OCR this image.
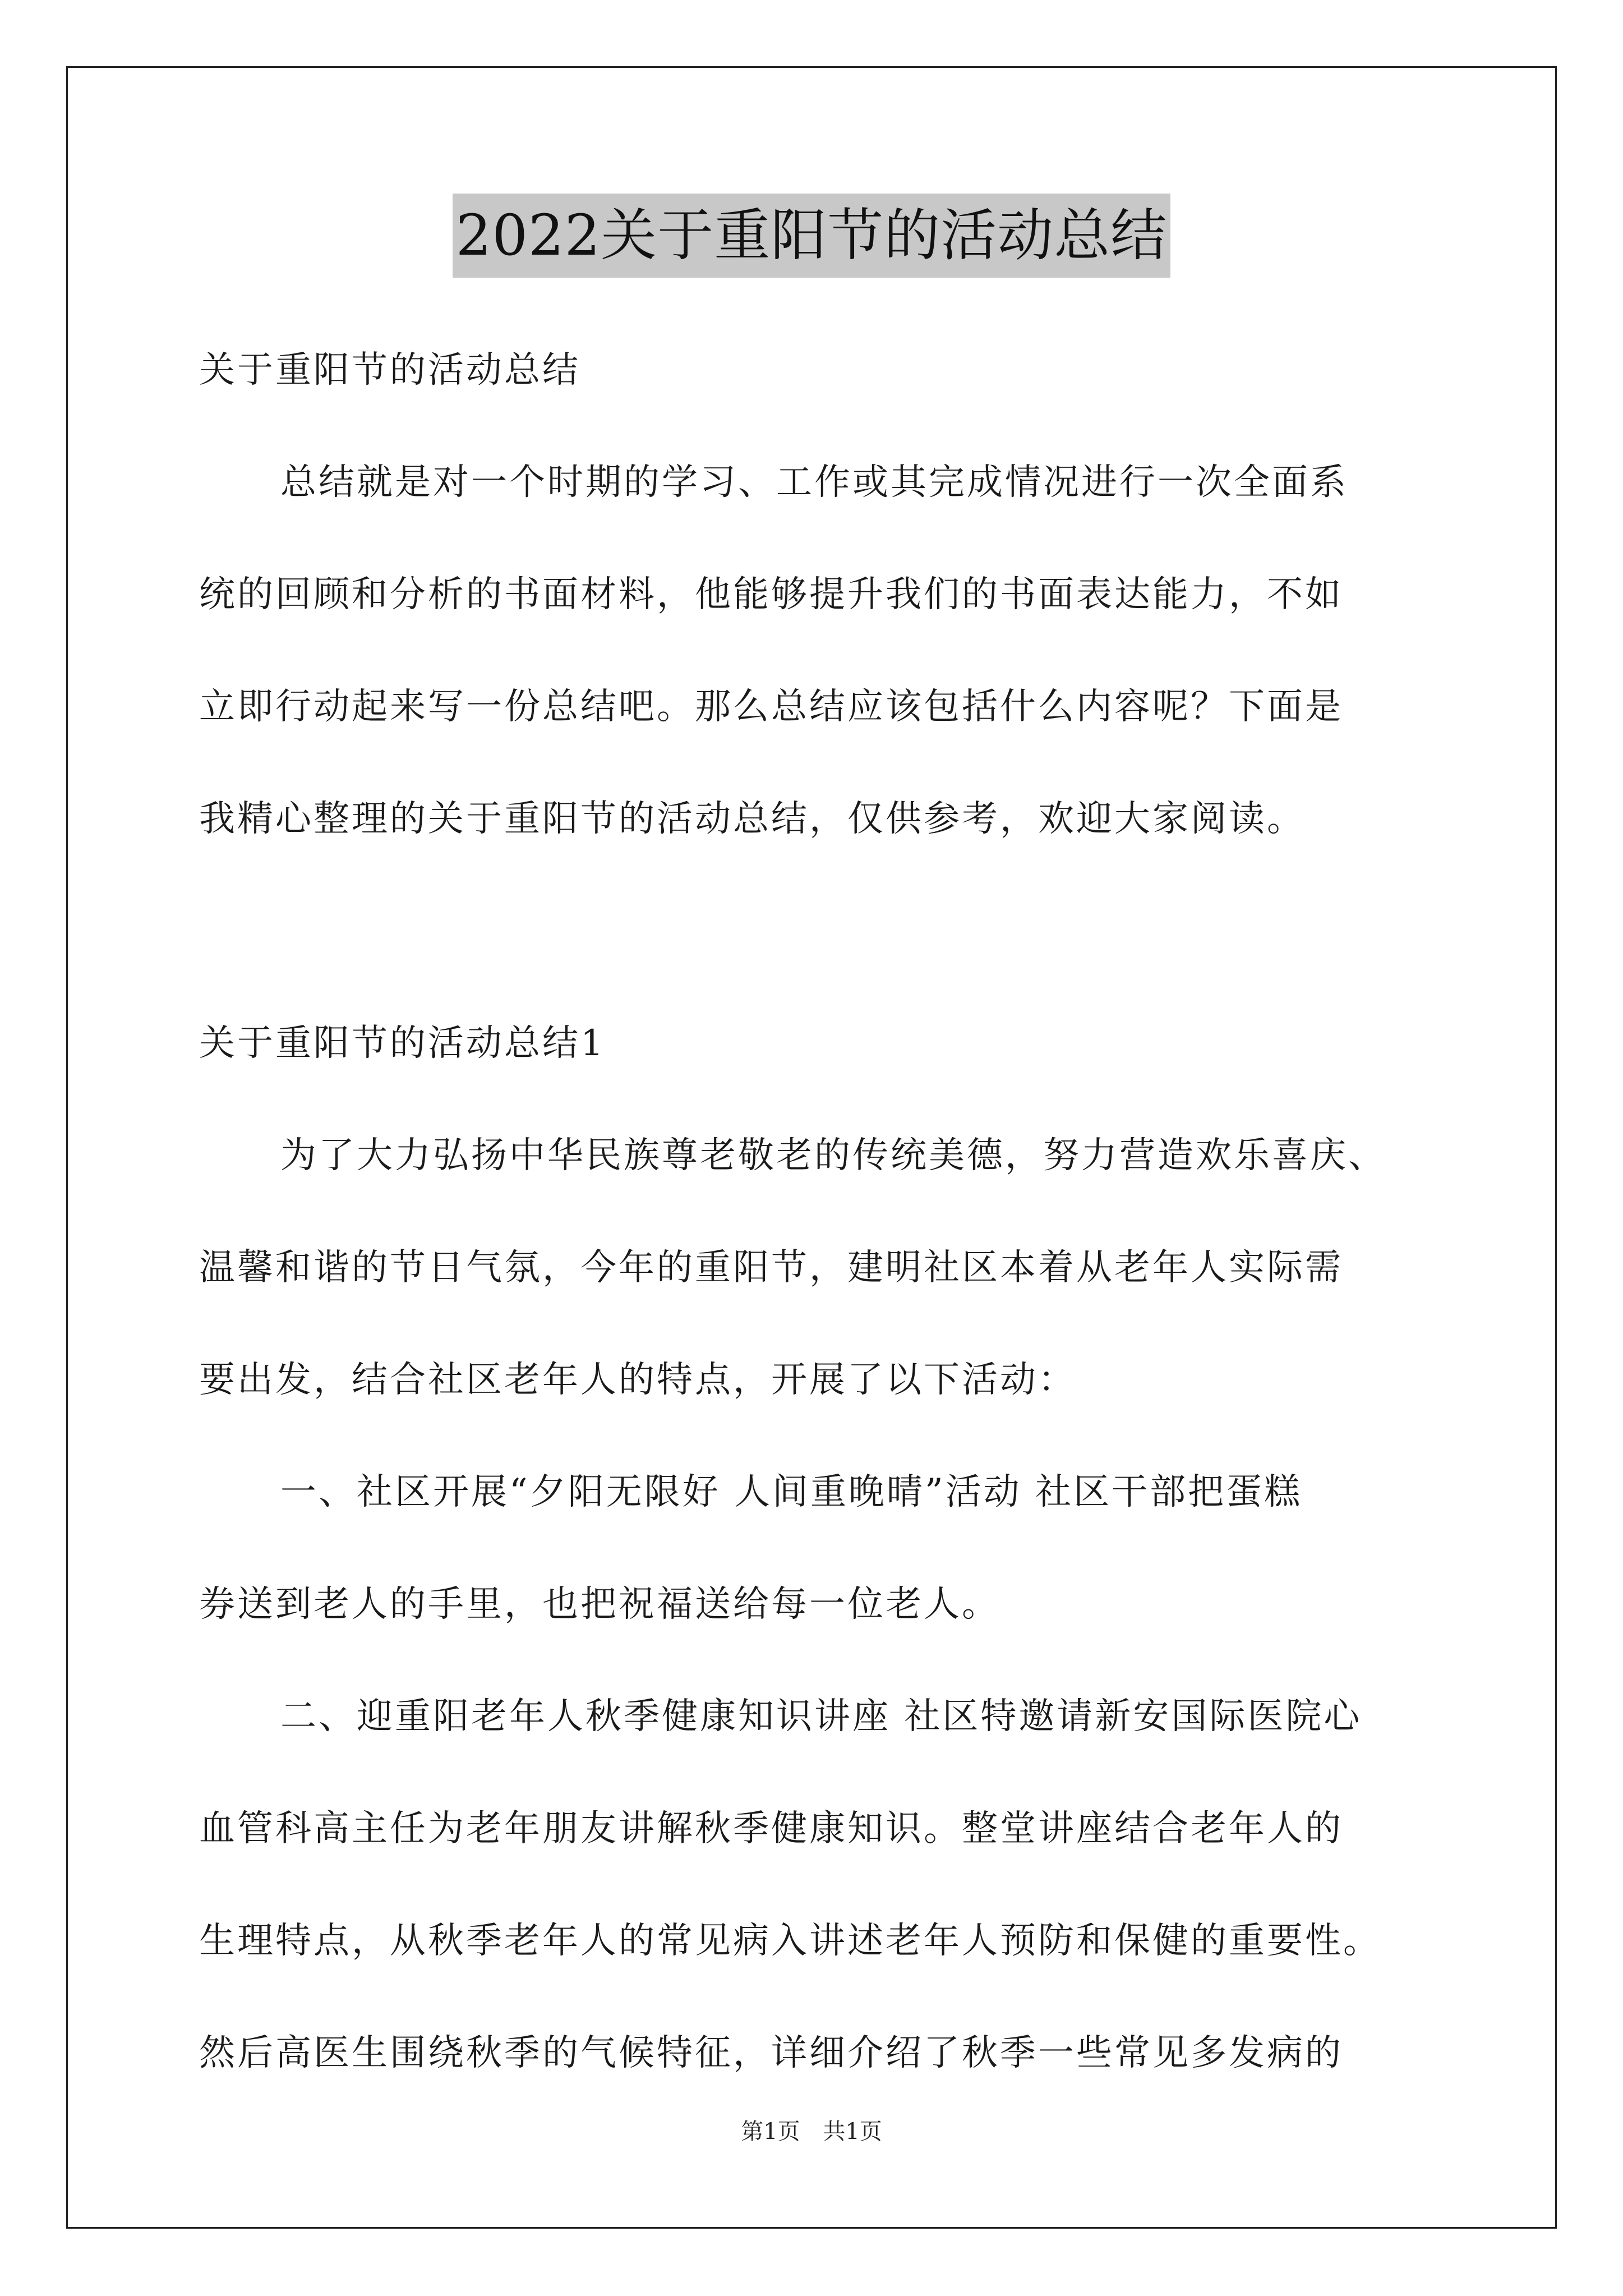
2022关于重阳节的活动总结
关于重阳节的活动总结
总结就是对一个时期的学习、工作或其完成情况进行一次全面系
统的回顾和分析的书面材料，他能够提升我们的书面表达能力，不如
立即行动起来写一份总结吧。那么总结应该包括什么内容呢？下面是
我精心整理的关于重阳节的活动总结，仅供参考，欢迎大家阅读。
关于重阳节的活动总结1
为了大力弘扬中华民族尊老敬老的传统美德，努力营造欢乐喜庆、
温馨和谐的节日气氛，今年的重阳节，建明社区本着从老年人实际需
要出发，结合社区老年人的特点，开展了以下活动：
一、社区开展“夕阳无限好 人间重晚晴”活动 社区干部把蛋糕
券送到老人的手里，也把祝福送给每一位老人。
二、迎重阳老年人秋季健康知识讲座 社区特邀请新安国际医院心
血管科高主任为老年朋友讲解秋季健康知识。整堂讲座结合老年人的
生理特点，从秋季老年人的常见病入讲述老年人预防和保健的重要性。
然后高医生围绕秋季的气候特征，详细介绍了秋季一些常见多发病的
第1页 共1页
